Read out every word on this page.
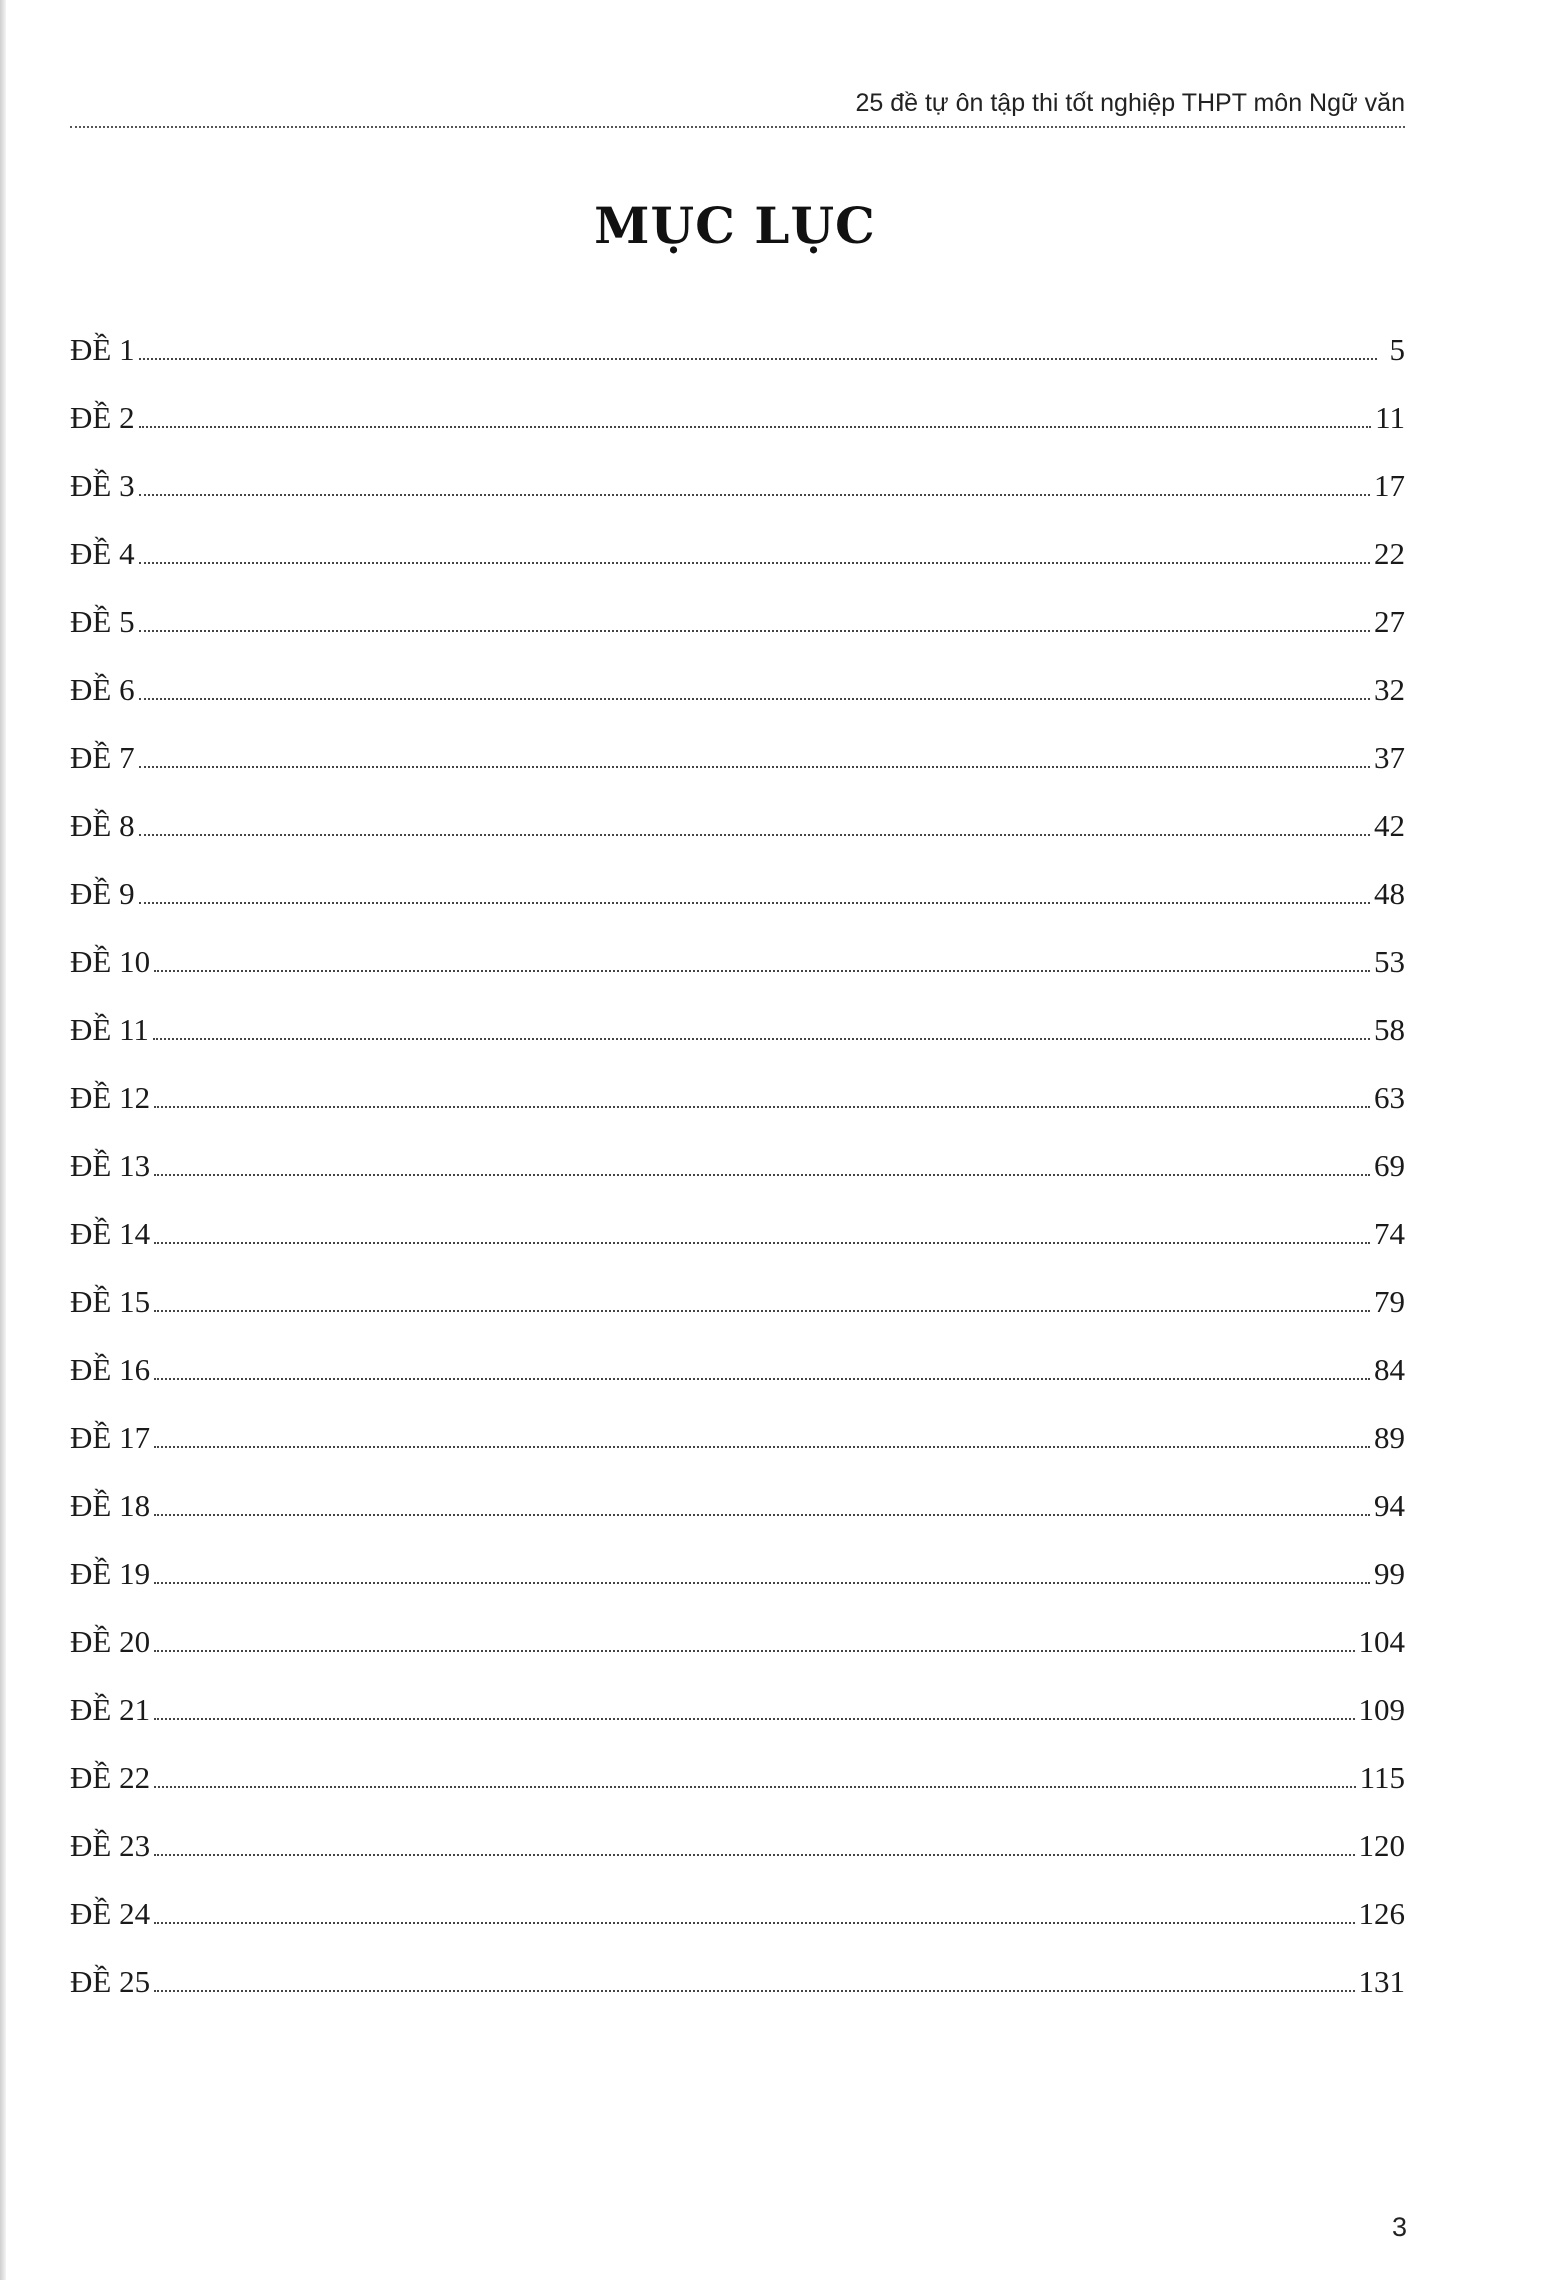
25 đề tự ôn tập thi tốt nghiệp THPT môn Ngữ văn
MỤC LỤC
ĐỀ 1	5
ĐỀ 2	11
ĐỀ 3	17
ĐỀ 4	22
ĐỀ 5	27
ĐỀ 6	32
ĐỀ 7	37
ĐỀ 8	42
ĐỀ 9	48
ĐỀ 10	53
ĐỀ 11	58
ĐỀ 12	63
ĐỀ 13	69
ĐỀ 14	74
ĐỀ 15	79
ĐỀ 16	84
ĐỀ 17	89
ĐỀ 18	94
ĐỀ 19	99
ĐỀ 20	104
ĐỀ 21	109
ĐỀ 22	115
ĐỀ 23	120
ĐỀ 24	126
ĐỀ 25	131
3
